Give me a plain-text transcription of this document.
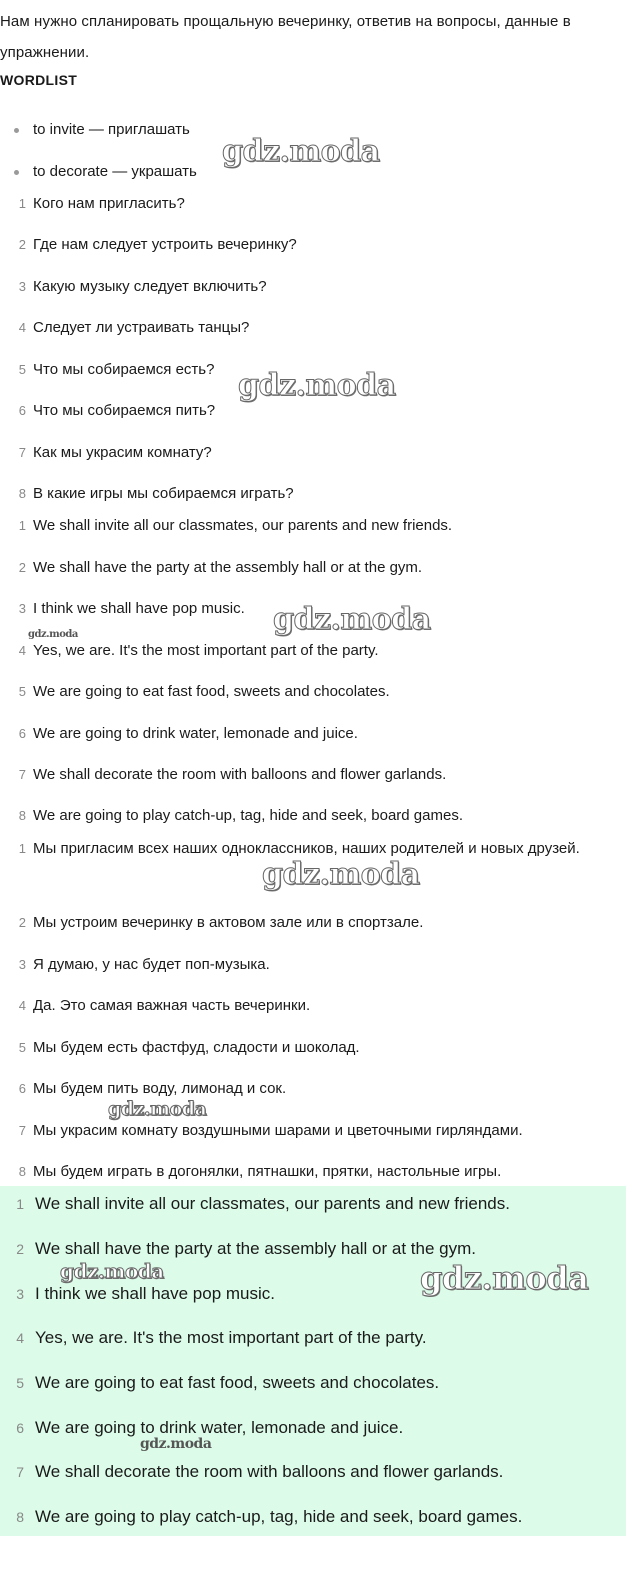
Нам нужно спланировать прощальную вечеринку, ответив на вопросы, данные в упражнении.
WORDLIST
to invite — приглашать
to decorate — украшать
1 Кого нам пригласить?
2 Где нам следует устроить вечеринку?
3 Какую музыку следует включить?
4 Следует ли устраивать танцы?
5 Что мы собираемся есть?
6 Что мы собираемся пить?
7 Как мы украсим комнату?
8 В какие игры мы собираемся играть?
1 We shall invite all our classmates, our parents and new friends.
2 We shall have the party at the assembly hall or at the gym.
3 I think we shall have pop music.
4 Yes, we are. It's the most important part of the party.
5 We are going to eat fast food, sweets and chocolates.
6 We are going to drink water, lemonade and juice.
7 We shall decorate the room with balloons and flower garlands.
8 We are going to play catch-up, tag, hide and seek, board games.
1 Мы пригласим всех наших одноклассников, наших родителей и новых друзей.
2 Мы устроим вечеринку в актовом зале или в спортзале.
3 Я думаю, у нас будет поп-музыка.
4 Да. Это самая важная часть вечеринки.
5 Мы будем есть фастфуд, сладости и шоколад.
6 Мы будем пить воду, лимонад и сок.
7 Мы украсим комнату воздушными шарами и цветочными гирляндами.
8 Мы будем играть в догонялки, пятнашки, прятки, настольные игры.
1 We shall invite all our classmates, our parents and new friends.
2 We shall have the party at the assembly hall or at the gym.
3 I think we shall have pop music.
4 Yes, we are. It's the most important part of the party.
5 We are going to eat fast food, sweets and chocolates.
6 We are going to drink water, lemonade and juice.
7 We shall decorate the room with balloons and flower garlands.
8 We are going to play catch-up, tag, hide and seek, board games.
gdz.moda
gdz.moda
gdz.moda
gdz.moda
gdz.moda
gdz.moda
gdz.moda	gdz.moda
gdz.moda
